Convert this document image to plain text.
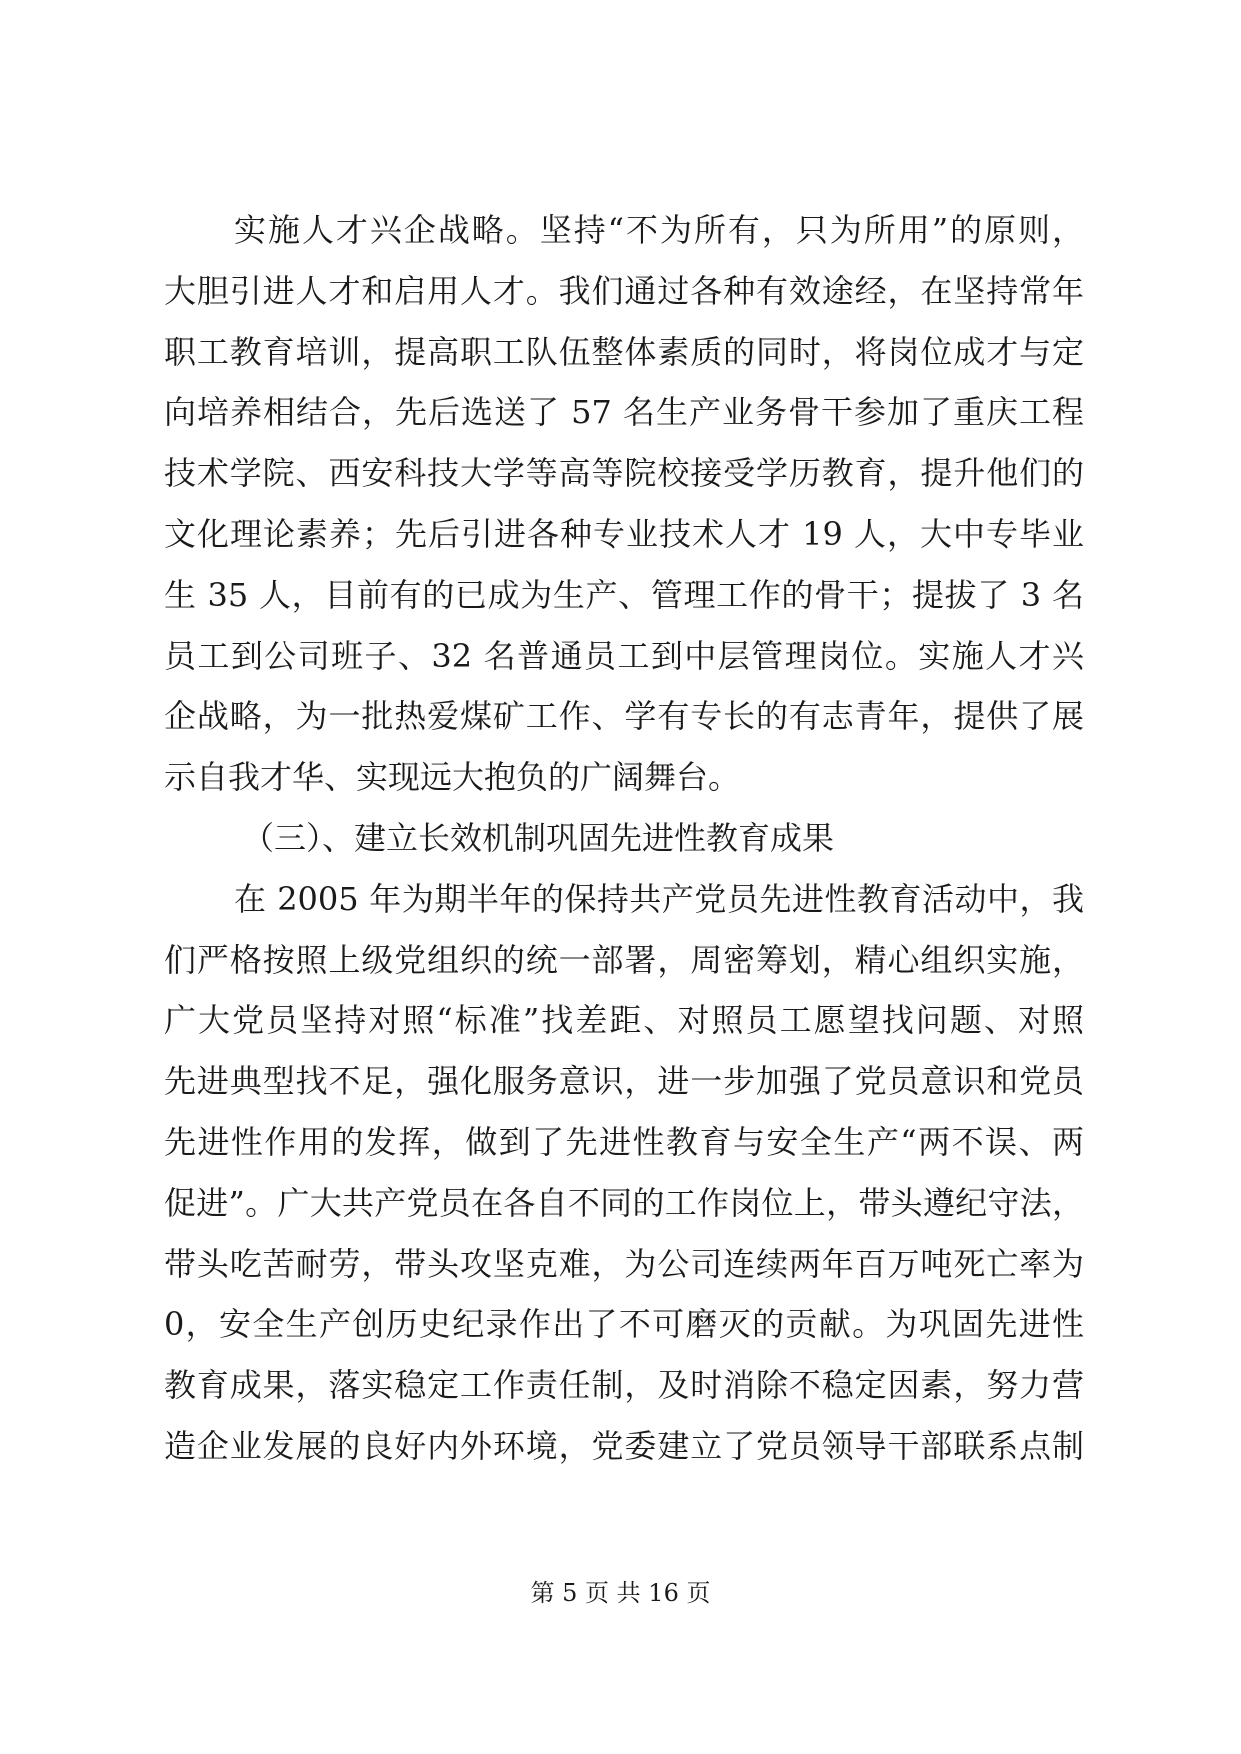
实施人才兴企战略。坚持“不为所有，只为所用”的原则，
大胆引进人才和启用人才。我们通过各种有效途经，在坚持常年
职工教育培训，提高职工队伍整体素质的同时，将岗位成才与定
向培养相结合，先后选送了 57 名生产业务骨干参加了重庆工程
技术学院、西安科技大学等高等院校接受学历教育，提升他们的
文化理论素养；先后引进各种专业技术人才 19 人，大中专毕业
生 35 人，目前有的已成为生产、管理工作的骨干；提拔了 3 名
员工到公司班子、32 名普通员工到中层管理岗位。实施人才兴
企战略，为一批热爱煤矿工作、学有专长的有志青年，提供了展
示自我才华、实现远大抱负的广阔舞台。
（三）、建立长效机制巩固先进性教育成果
在 2005 年为期半年的保持共产党员先进性教育活动中，我
们严格按照上级党组织的统一部署，周密筹划，精心组织实施，
广大党员坚持对照“标准”找差距、对照员工愿望找问题、对照
先进典型找不足，强化服务意识，进一步加强了党员意识和党员
先进性作用的发挥，做到了先进性教育与安全生产“两不误、两
促进”。广大共产党员在各自不同的工作岗位上，带头遵纪守法，
带头吃苦耐劳，带头攻坚克难，为公司连续两年百万吨死亡率为
0，安全生产创历史纪录作出了不可磨灭的贡献。为巩固先进性
教育成果，落实稳定工作责任制，及时消除不稳定因素，努力营
造企业发展的良好内外环境，党委建立了党员领导干部联系点制
第 5 页 共 16 页
